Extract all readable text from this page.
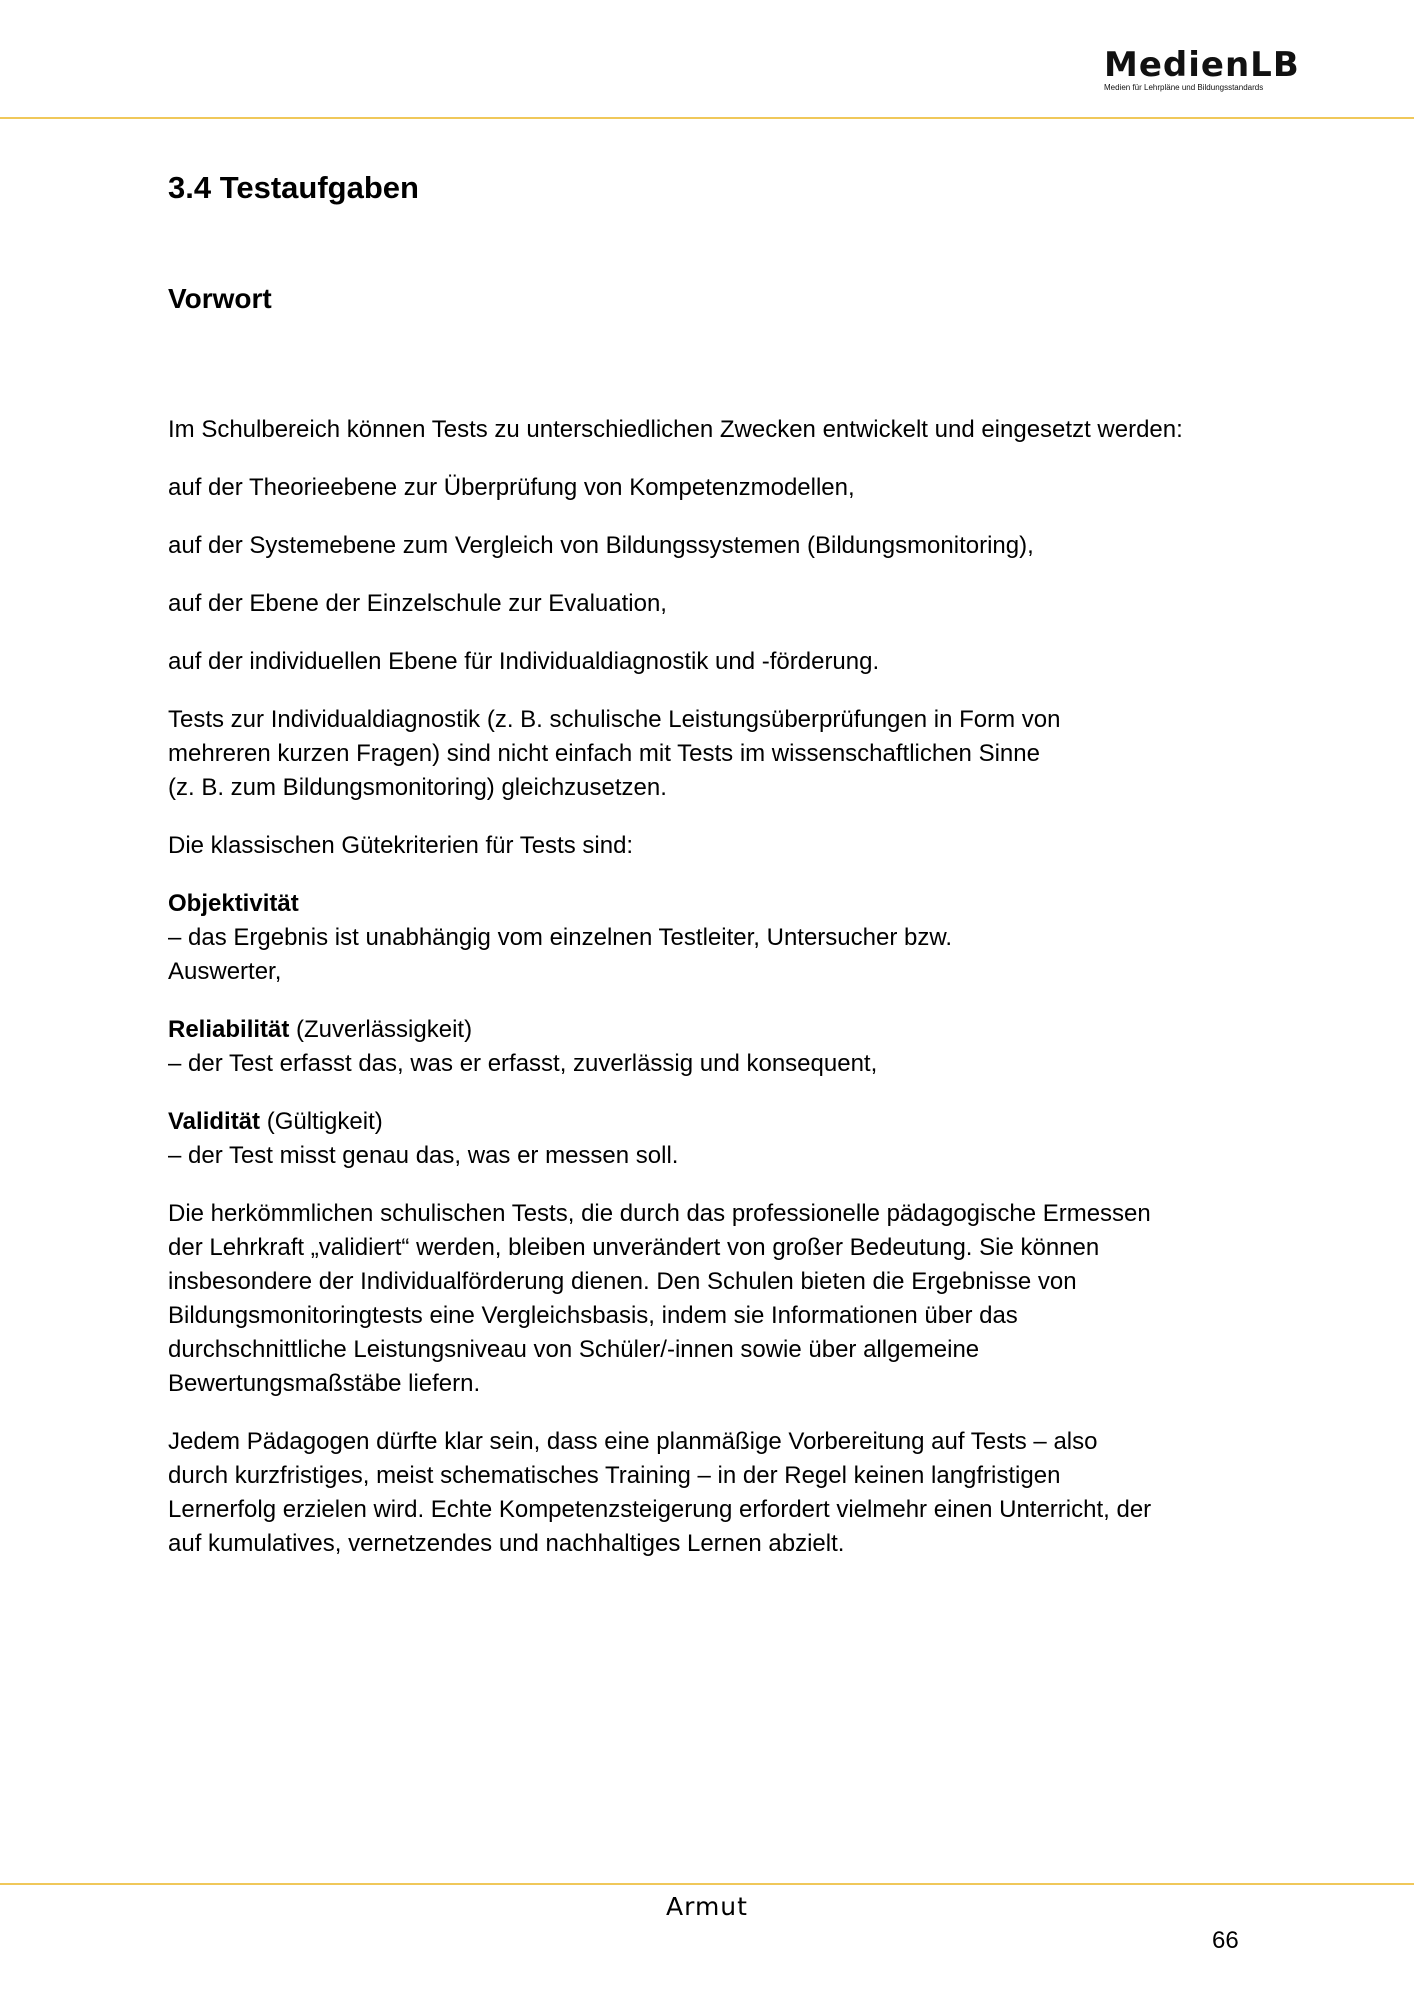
MedienLB
Medien für Lehrpläne und Bildungsstandards
3.4 Testaufgaben
Vorwort

Im Schulbereich können Tests zu unterschiedlichen Zwecken entwickelt und eingesetzt werden:

auf der Theorieebene zur Überprüfung von Kompetenzmodellen,

auf der Systemebene zum Vergleich von Bildungssystemen (Bildungsmonitoring),

auf der Ebene der Einzelschule zur Evaluation,

auf der individuellen Ebene für Individualdiagnostik und -förderung.

Tests zur Individualdiagnostik (z. B. schulische Leistungsüberprüfungen in Form von
mehreren kurzen Fragen) sind nicht einfach mit Tests im wissenschaftlichen Sinne
(z. B. zum Bildungsmonitoring) gleichzusetzen.

Die klassischen Gütekriterien für Tests sind:

Objektivität
– das Ergebnis ist unabhängig vom einzelnen Testleiter, Untersucher bzw.
Auswerter,

Reliabilität (Zuverlässigkeit)
– der Test erfasst das, was er erfasst, zuverlässig und konsequent,

Validität (Gültigkeit)
– der Test misst genau das, was er messen soll.

Die herkömmlichen schulischen Tests, die durch das professionelle pädagogische Ermessen
der Lehrkraft „validiert“ werden, bleiben unverändert von großer Bedeutung. Sie können
insbesondere der Individualförderung dienen. Den Schulen bieten die Ergebnisse von
Bildungsmonitoringtests eine Vergleichsbasis, indem sie Informationen über das
durchschnittliche Leistungsniveau von Schüler/-innen sowie über allgemeine
Bewertungsmaßstäbe liefern.

Jedem Pädagogen dürfte klar sein, dass eine planmäßige Vorbereitung auf Tests – also
durch kurzfristiges, meist schematisches Training – in der Regel keinen langfristigen
Lernerfolg erzielen wird. Echte Kompetenzsteigerung erfordert vielmehr einen Unterricht, der
auf kumulatives, vernetzendes und nachhaltiges Lernen abzielt.

Armut
66
